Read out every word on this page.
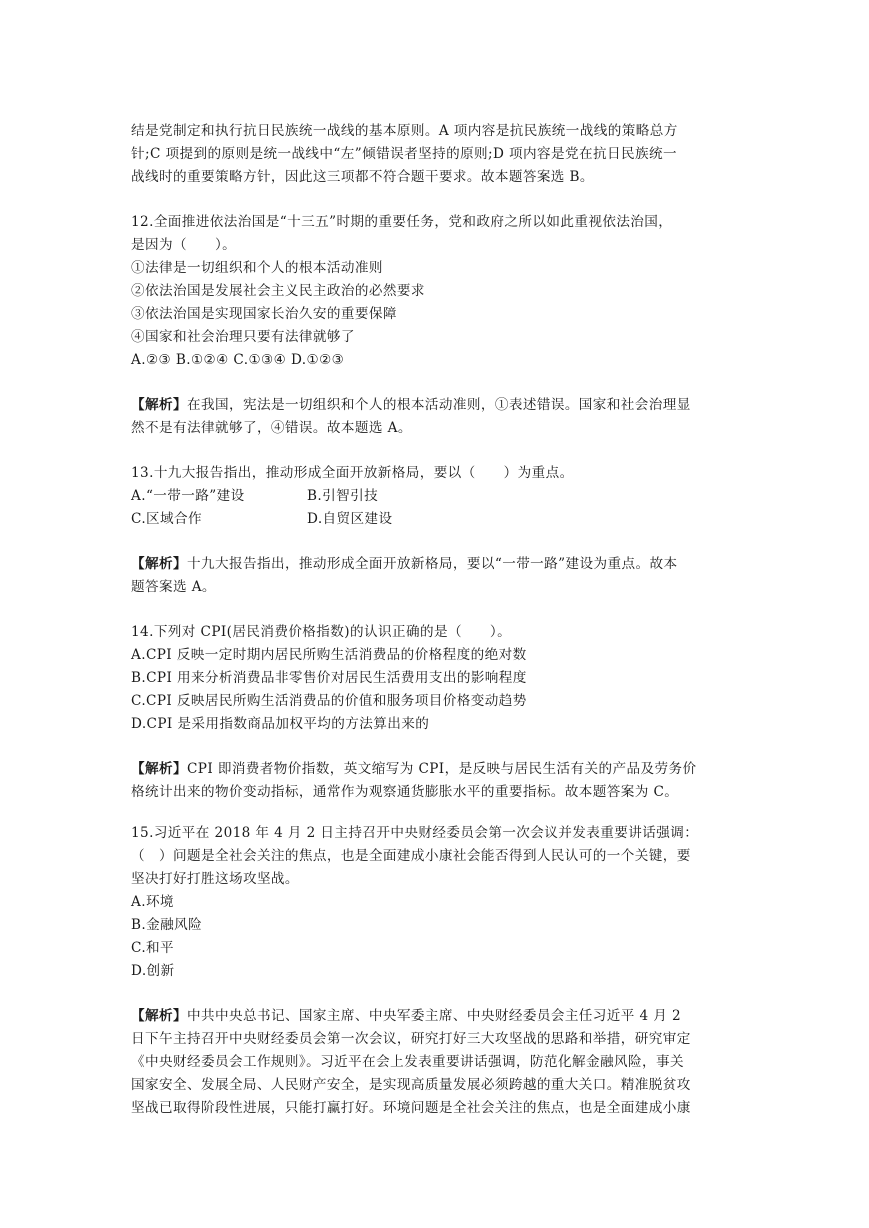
结是党制定和执行抗日民族统一战线的基本原则。A 项内容是抗民族统一战线的策略总方
针;C 项提到的原则是统一战线中“左”倾错误者坚持的原则;D 项内容是党在抗日民族统一
战线时的重要策略方针，因此这三项都不符合题干要求。故本题答案选 B。
12.全面推进依法治国是“十三五”时期的重要任务，党和政府之所以如此重视依法治国，
是因为（　　）。
①法律是一切组织和个人的根本活动准则
②依法治国是发展社会主义民主政治的必然要求
③依法治国是实现国家长治久安的重要保障
④国家和社会治理只要有法律就够了
A.②③ B.①②④ C.①③④ D.①②③
【解析】在我国，宪法是一切组织和个人的根本活动准则，①表述错误。国家和社会治理显
然不是有法律就够了，④错误。故本题选 A。
13.十九大报告指出，推动形成全面开放新格局，要以（　　）为重点。
A.“一带一路”建设	B.引智引技
C.区域合作	D.自贸区建设
【解析】十九大报告指出，推动形成全面开放新格局，要以“一带一路”建设为重点。故本
题答案选 A。
14.下列对 CPI(居民消费价格指数)的认识正确的是（　　）。
A.CPI 反映一定时期内居民所购生活消费品的价格程度的绝对数
B.CPI 用来分析消费品非零售价对居民生活费用支出的影响程度
C.CPI 反映居民所购生活消费品的价值和服务项目价格变动趋势
D.CPI 是采用指数商品加权平均的方法算出来的
【解析】CPI 即消费者物价指数，英文缩写为 CPI，是反映与居民生活有关的产品及劳务价
格统计出来的物价变动指标，通常作为观察通货膨胀水平的重要指标。故本题答案为 C。
15.习近平在 2018 年 4 月 2 日主持召开中央财经委员会第一次会议并发表重要讲话强调：
（　）问题是全社会关注的焦点，也是全面建成小康社会能否得到人民认可的一个关键，要
坚决打好打胜这场攻坚战。
A.环境
B.金融风险
C.和平
D.创新
【解析】中共中央总书记、国家主席、中央军委主席、中央财经委员会主任习近平 4 月 2
日下午主持召开中央财经委员会第一次会议，研究打好三大攻坚战的思路和举措，研究审定
《中央财经委员会工作规则》。习近平在会上发表重要讲话强调，防范化解金融风险，事关
国家安全、发展全局、人民财产安全，是实现高质量发展必须跨越的重大关口。精准脱贫攻
坚战已取得阶段性进展，只能打赢打好。环境问题是全社会关注的焦点，也是全面建成小康
